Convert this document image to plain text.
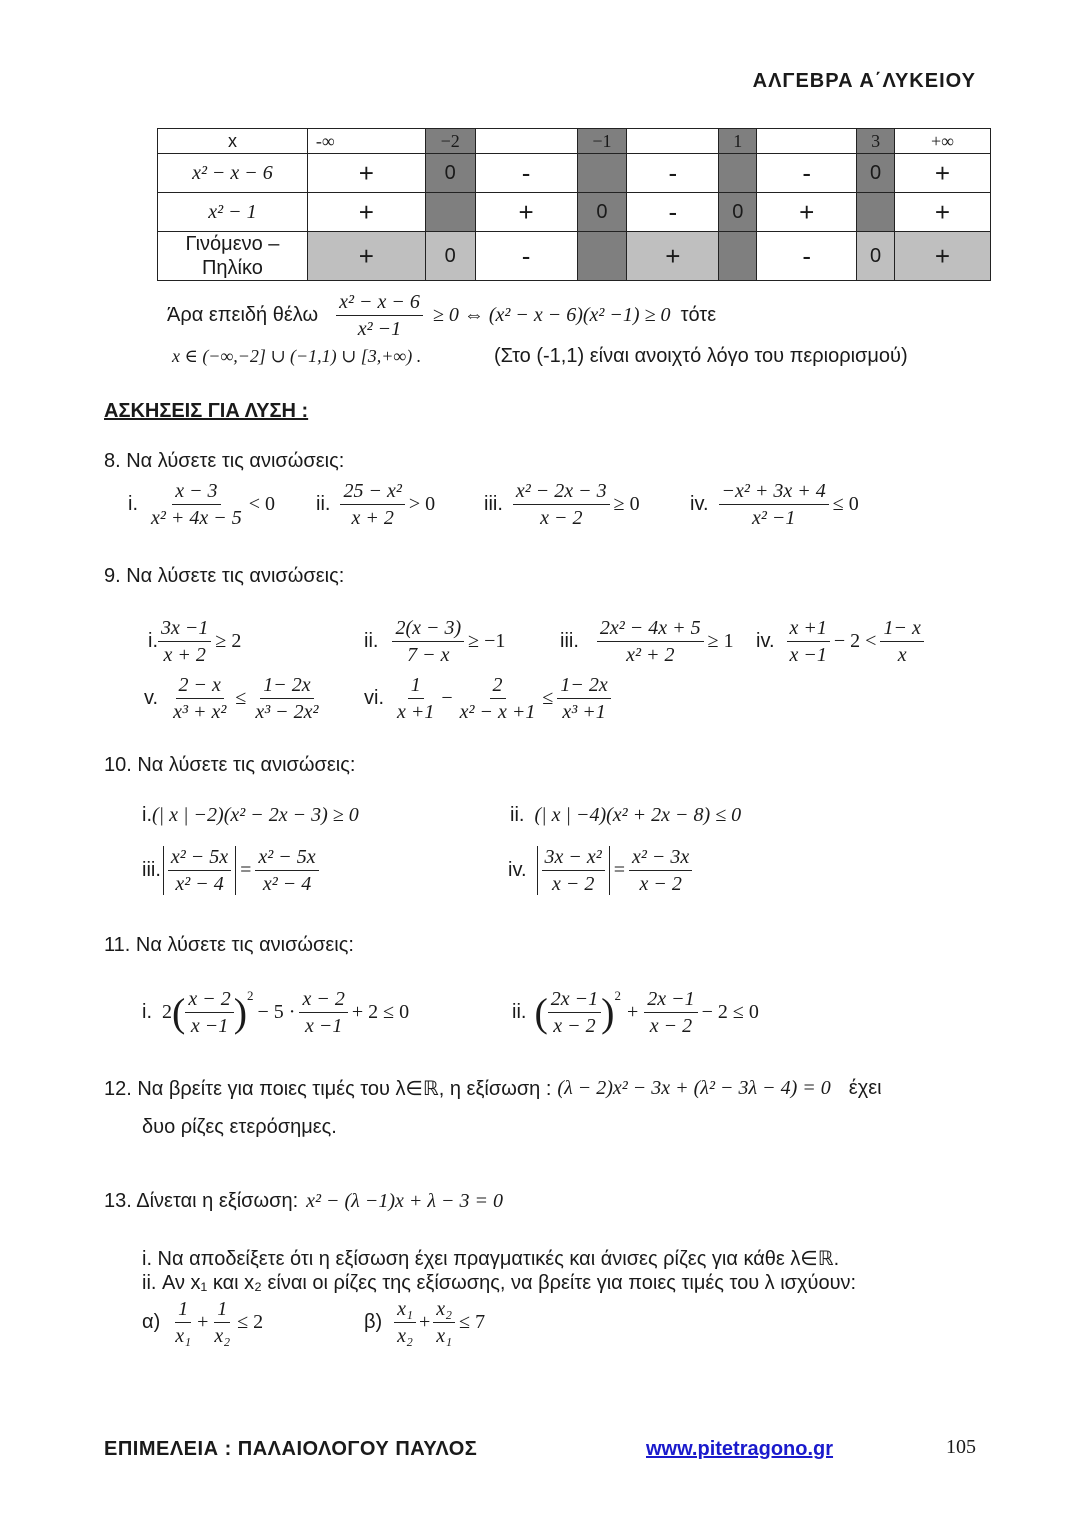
ΑΛΓΕΒΡΑ Α΄ΛΥΚΕΙΟΥ
x	-∞	−2		−1		1		3	+∞
x² − x − 6	+	0	-		-		-	0	+
x² − 1	+		+	0	-	0	+		+
Γινόμενο – Πηλίκο	+	0	-		+		-	0	+
Άρα επειδή θέλω $\frac{\text{x² − x − 6}}{\text{x² −1}} \ge 0$ ⇔ (x² − x − 6)(x² −1) ≥ 0 τότε
x ∈ (−∞,−2] ∪ (−1,1) ∪ [3,+∞) .	(Στο (-1,1) είναι ανοιχτό λόγο του περιορισμού)
ΑΣΚΗΣΕΙΣ ΓΙΑ ΛΥΣΗ :
8. Να λύσετε τις ανισώσεις:
i. $\frac{x - 3}{\text{x² + 4x − 5}} < 0$ ii. $\frac{\text{25 − x²}}{x + 2} > 0$ iii. $\frac{\text{x² − 2x − 3}}{x - 2} \ge 0$	iv. $\frac{\text{−x² + 3x + 4}}{\text{x² −1}} \le 0$
9. Να λύσετε τις ανισώσεις:
i. $\frac{3x -1}{x + 2} \ge 2$	ii. $\frac{2(x - 3)}{7 - x} \ge -1$	iii. $\frac{\text{2x² − 4x + 5}}{\text{x² + 2}} \ge 1$ iv. $\frac{x +1}{x -1} - 2 < \frac{1- x}{x}$
v. $\frac{2 - x}{\text{x³ + x²}} \le \frac{1- 2x}{\text{x³ − 2x²}}$ vi. $\frac{1}{x +1} - \frac{2}{\text{x² − x +1}} \le \frac{1- 2x}{\text{x³ +1}}$
10. Να λύσετε τις ανισώσεις:
i. (| x | −2)(x² − 2x − 3) ≥ 0	ii. (| x | −4)(x² + 2x − 8) ≤ 0
iii. $\frac{\text{x² − 5x}}{\text{x² − 4}} = \frac{\text{x² − 5x}}{\text{x² − 4}}$	iv. $\frac{\text{3x − x²}}{x - 2} = \frac{\text{x² − 3x}}{x - 2}$
11. Να λύσετε τις ανισώσεις:
i. 2 ( $\frac{x - 2}{x -1} )^2$
− $5 \cdot \frac{x - 2}{x -1} + 2 \le 0$	ii. ( $\frac{2x -1}{x - 2} )^2$
+ $\frac{2x -1}{x - 2} - 2 \le 0$
12. Να βρείτε για ποιες τιμές του λ∈ℝ, η εξίσωση : (λ − 2)x² − 3x + (λ² − 3λ − 4) = 0 έχει
δυο ρίζες ετερόσημες.
13. Δίνεται η εξίσωση: x² − (λ −1)x + λ − 3 = 0
i. Να αποδείξετε ότι η εξίσωση έχει πραγματικές και άνισες ρίζες για κάθε λ∈ℝ.
ii. Αν x₁ και x₂ είναι οι ρίζες της εξίσωσης, να βρείτε για ποιες τιμές του λ ισχύουν:
$\alpha) \frac{1}{\text{x₁}} + \frac{1}{\text{x₂}} \le 2$	$\beta) \frac{\text{x₁}}{\text{x₂}} + \frac{\text{x₂}}{\text{x₁}} \le 7$
ΕΠΙΜΕΛΕΙΑ : ΠΑΛΑΙΟΛΟΓΟΥ ΠΑΥΛΟΣ	www.pitetragono.gr	105
